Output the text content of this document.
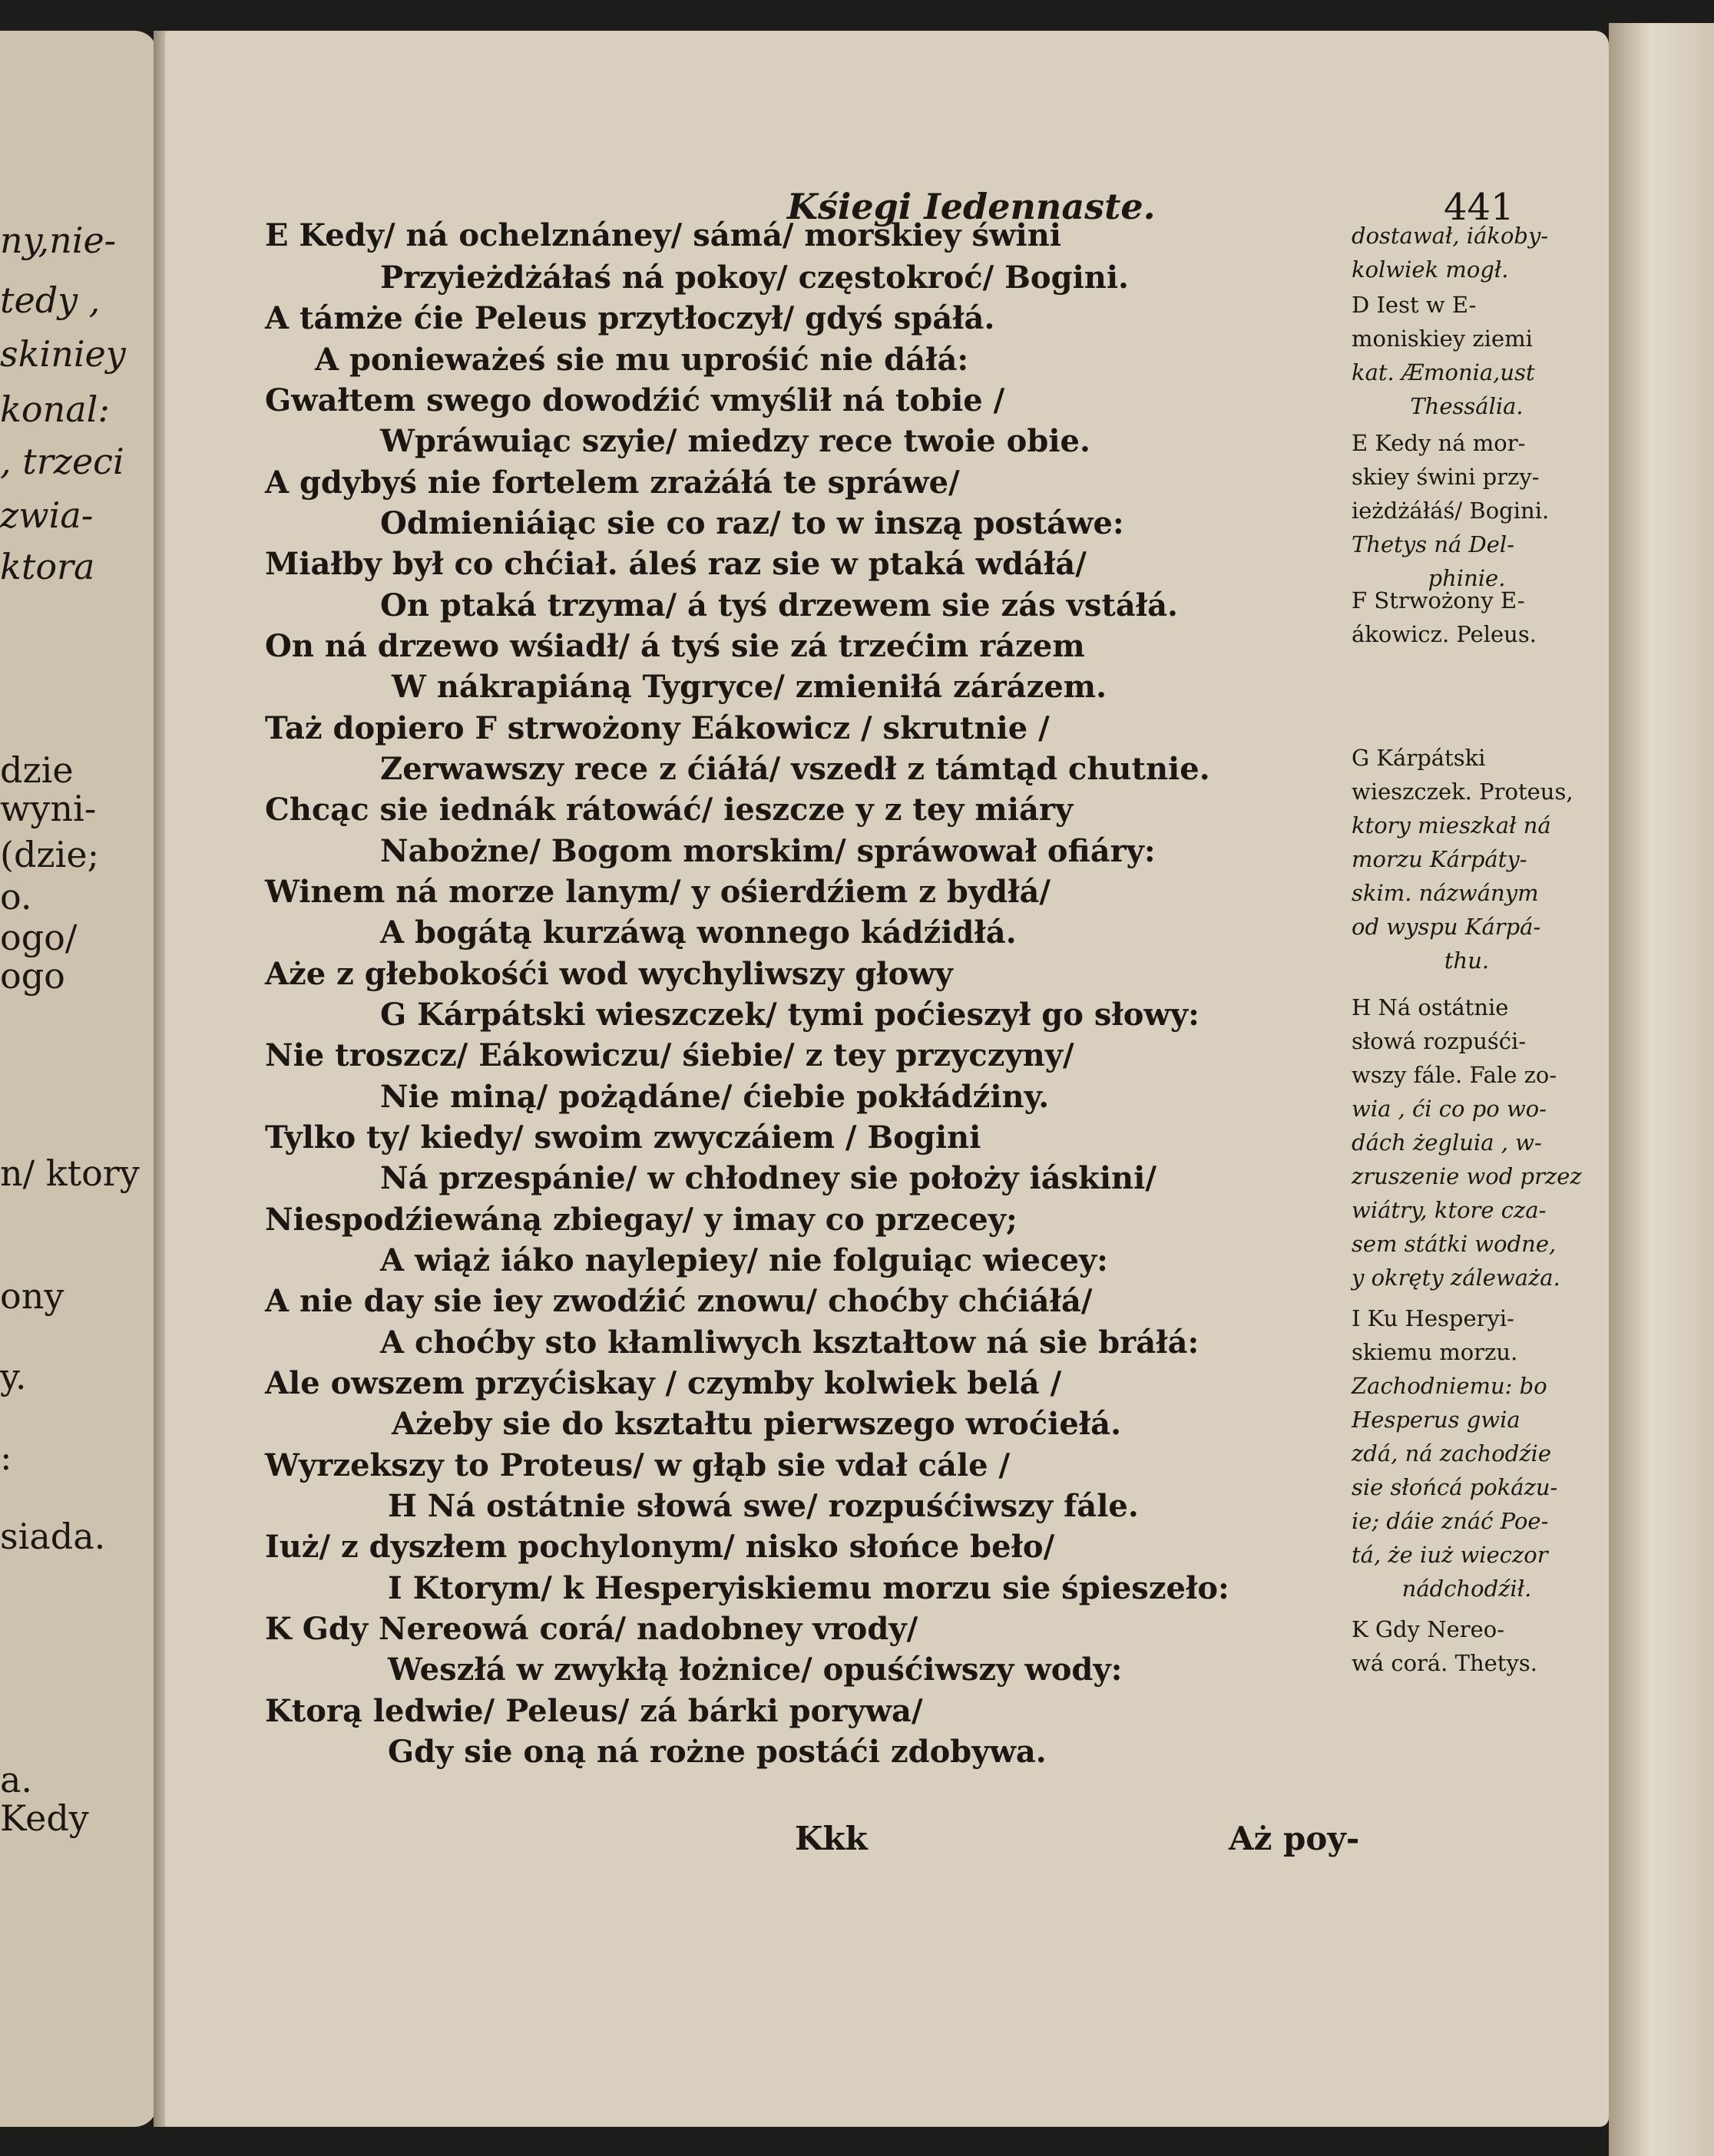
ny,nie-
tedy ,
skiniey
konal:
, trzeci
zwia-
ktora
dzie
wyni-
(dzie;
o.
ogo/
ogo
n/ ktory
ony
y.
:
siada.
a.
Kedy
Kśiegi Iedennaste.	441
E Kedy/ ná ochelznáney/ sámá/ morskiey świni
Przyieżdżáłaś ná pokoy/ częstokroć/ Bogini.
A támże ćie Peleus przytłoczył/ gdyś spáłá.
A ponieważeś sie mu uprośić nie dáłá:
Gwałtem swego dowodźić vmyślił ná tobie /
Wpráwuiąc szyie/ miedzy rece twoie obie.
A gdybyś nie fortelem zrażáłá te spráwe/
Odmieniáiąc sie co raz/ to w inszą postáwe:
Miałby był co chćiał. áleś raz sie w ptaká wdáłá/
On ptaká trzyma/ á tyś drzewem sie zás vstáłá.
On ná drzewo wśiadł/ á tyś sie zá trzećim rázem
W nákrapiáną Tygryce/ zmieniłá zárázem.
Taż dopiero F strwożony Eákowicz / skrutnie /
Zerwawszy rece z ćiáłá/ vszedł z támtąd chutnie.
Chcąc sie iednák rátowáć/ ieszcze y z tey miáry
Nabożne/ Bogom morskim/ spráwował ofiáry:
Winem ná morze lanym/ y ośierdźiem z bydłá/
A bogátą kurzáwą wonnego kádźidłá.
Aże z głebokośći wod wychyliwszy głowy
G Kárpátski wieszczek/ tymi poćieszył go słowy:
Nie troszcz/ Eákowiczu/ śiebie/ z tey przyczyny/
Nie miną/ pożądáne/ ćiebie pokłádźiny.
Tylko ty/ kiedy/ swoim zwyczáiem / Bogini
Ná przespánie/ w chłodney sie położy iáskini/
Niespodźiewáną zbiegay/ y imay co przecey;
A wiąż iáko naylepiey/ nie folguiąc wiecey:
A nie day sie iey zwodźić znowu/ choćby chćiáłá/
A choćby sto kłamliwych kształtow ná sie bráłá:
Ale owszem przyćiskay / czymby kolwiek belá /
Ażeby sie do kształtu pierwszego wroćiełá.
Wyrzekszy to Proteus/ w głąb sie vdał cále /
H Ná ostátnie słowá swe/ rozpuśćiwszy fále.
Iuż/ z dyszłem pochylonym/ nisko słońce beło/
I Ktorym/ k Hesperyiskiemu morzu sie śpieszeło:
K Gdy Nereowá corá/ nadobney vrody/
Weszłá w zwykłą łożnice/ opuśćiwszy wody:
Ktorą ledwie/ Peleus/ zá bárki porywa/
Gdy sie oną ná rożne postáći zdobywa.
dostawał, iákoby-
kolwiek mogł.
D Iest w E-
moniskiey ziemi
kat. Æmonia,ust
Thessália.
E Kedy ná mor-
skiey świni przy-
ieżdżáłáś/ Bogini.
Thetys ná Del-
phinie.
F Strwożony E-
ákowicz. Peleus.
G Kárpátski
wieszczek. Proteus,
ktory mieszkał ná
morzu Kárpáty-
skim. názwánym
od wyspu Kárpá-
thu.
H Ná ostátnie
słowá rozpuśći-
wszy fále. Fale zo-
wia , ći co po wo-
dách żegluia , w-
zruszenie wod przez
wiátry, ktore cza-
sem státki wodne,
y okręty záleważa.
I Ku Hesperyi-
skiemu morzu.
Zachodniemu: bo
Hesperus gwia
zdá, ná zachodźie
sie słońcá pokázu-
ie; dáie znáć Poe-
tá, że iuż wieczor
nádchodźił.
K Gdy Nereo-
wá corá. Thetys.
Kkk	Aż poy-
